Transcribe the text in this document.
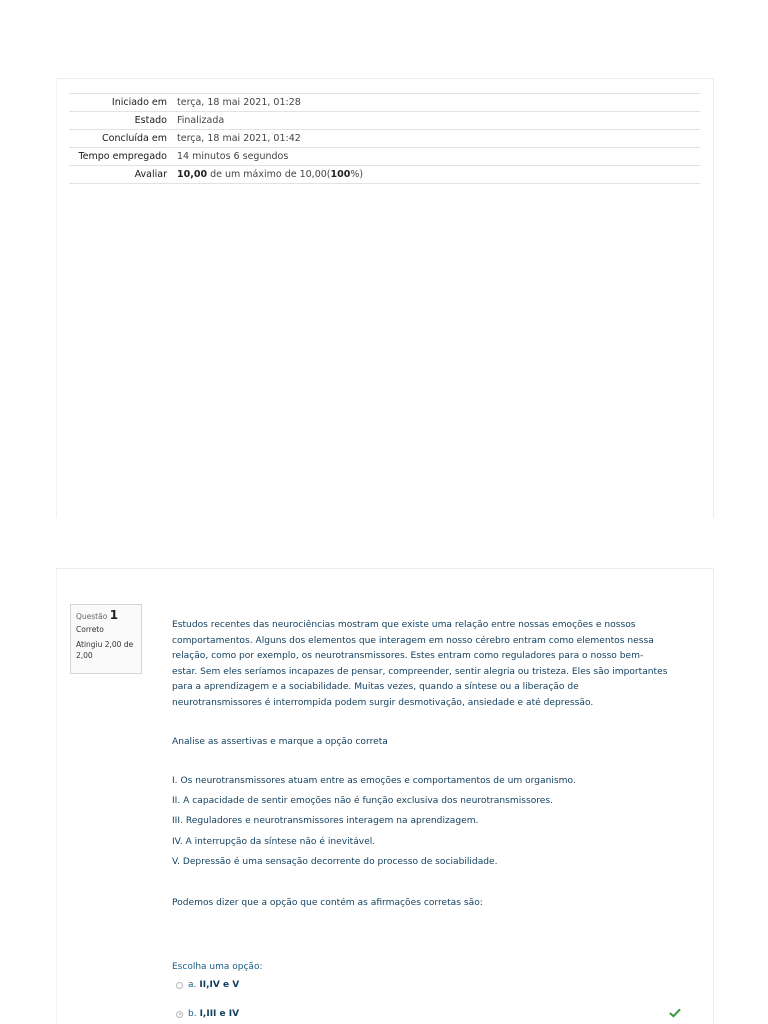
Iniciado em	terça, 18 mai 2021, 01:28
Estado	Finalizada
Concluída em	terça, 18 mai 2021, 01:42
Tempo empregado	14 minutos 6 segundos
Avaliar	10,00 de um máximo de 10,00(100%)
Questão 1
Correto
Atingiu 2,00 de 2,00

Estudos recentes das neurociências mostram que existe uma relação entre nossas emoções e nossos

comportamentos. Alguns dos elementos que interagem em nosso cérebro entram como elementos nessa

relação, como por exemplo, os neurotransmissores. Estes entram como reguladores para o nosso bem-

estar. Sem eles seríamos incapazes de pensar, compreender, sentir alegria ou tristeza. Eles são importantes

para a aprendizagem e a sociabilidade. Muitas vezes, quando a síntese ou a liberação de

neurotransmissores é interrompida podem surgir desmotivação, ansiedade e até depressão.

Analise as assertivas e marque a opção correta

I. Os neurotransmissores atuam entre as emoções e comportamentos de um organismo.
II. A capacidade de sentir emoções não é função exclusiva dos neurotransmissores.
III. Reguladores e neurotransmissores interagem na aprendizagem.
IV. A interrupção da síntese não é inevitável.
V. Depressão é uma sensação decorrente do processo de sociabilidade.

Podemos dizer que a opção que contém as afirmações corretas são:

Escolha uma opção:
a. II,IV e V
b. I,III e IV
